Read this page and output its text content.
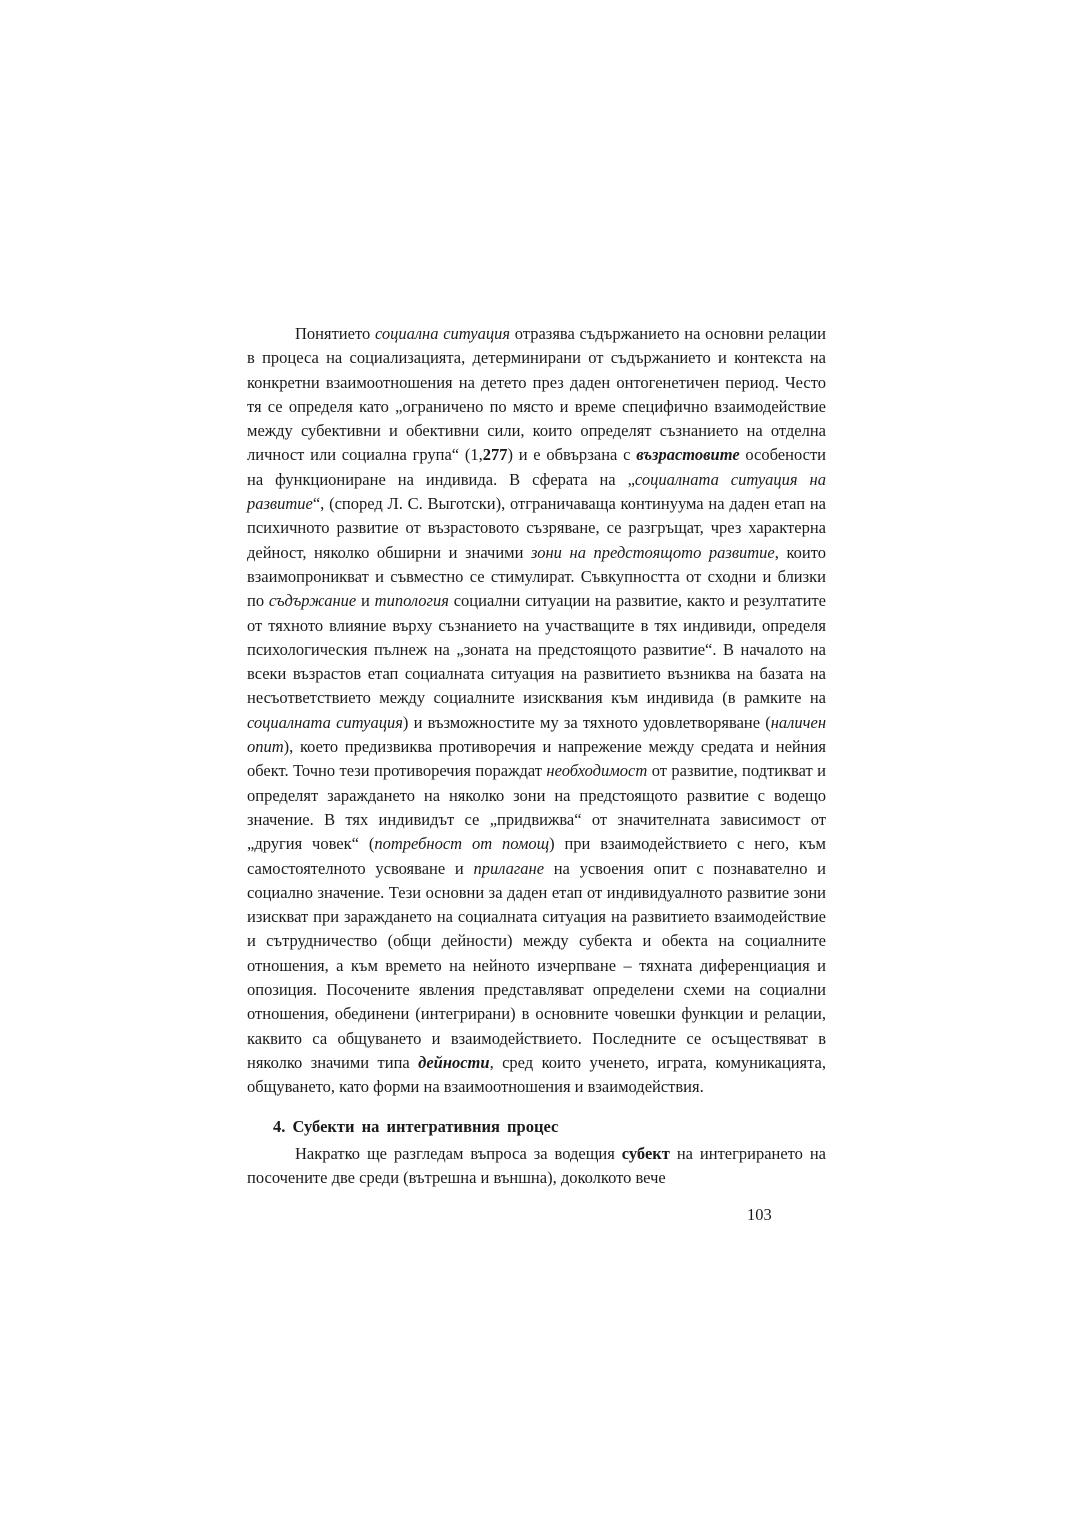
Понятието социална ситуация отразява съдържанието на основни релации в процеса на социализацията, детерминирани от съдържанието и контекста на конкретни взаимоотношения на детето през даден онтогенетичен период. Често тя се определя като „ограничено по място и време специфично взаимодействие между субективни и обективни сили, които определят съзнанието на отделна личност или социална група“ (1,277) и е обвързана с възрастовите особености на функциониране на индивида. В сферата на „социалната ситуация на развитие“, (според Л. С. Выготски), отграничаваща континуума на даден етап на психичното развитие от възрастовото съзряване, се разгръщат, чрез характерна дейност, няколко обширни и значими зони на предстоящото развитие, които взаимопроникват и съвместно се стимулират. Съвкупността от сходни и близки по съдържание и типология социални ситуации на развитие, както и резултатите от тяхното влияние върху съзнанието на участващите в тях индивиди, определя психологическия пълнеж на „зоната на предстоящото развитие“. В началото на всеки възрастов етап социалната ситуация на развитието възниква на базата на несъответствието между социалните изисквания към индивида (в рамките на социалната ситуация) и възможностите му за тяхното удовлетворяване (наличен опит), което предизвиква противоречия и напрежение между средата и нейния обект. Точно тези противоречия пораждат необходимост от развитие, подтикват и определят зараждането на няколко зони на предстоящото развитие с водещо значение. В тях индивидът се „придвижва“ от значителната зависимост от „другия човек“ (потребност от помощ) при взаимодействието с него, към самостоятелното усвояване и прилагане на усвоения опит с познавателно и социално значение. Тези основни за даден етап от индивидуалното развитие зони изискват при зараждането на социалната ситуация на развитието взаимодействие и сътрудничество (общи дейности) между субекта и обекта на социалните отношения, а към времето на нейното изчерпване – тяхната диференциация и опозиция. Посочените явления представляват определени схеми на социални отношения, обединени (интегрирани) в основните човешки функции и релации, каквито са общуването и взаимодействието. Последните се осъществяват в няколко значими типа дейности, сред които ученето, играта, комуникацията, общуването, като форми на взаимоотношения и взаимодействия.

4. Субекти на интегративния процес

Накратко ще разгледам въпроса за водещия субект на интегрирането на посочените две среди (вътрешна и външна), доколкото вече

103
